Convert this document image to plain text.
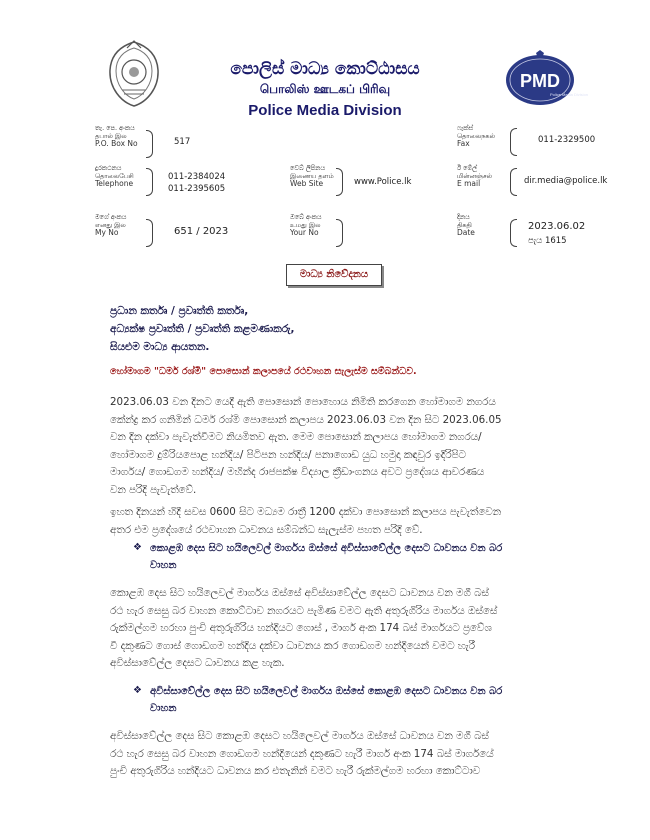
පොලිස් මාධ්‍ය කොට්ඨාසය
பொலிஸ் ஊடகப் பிரிவு
Police Media Division
PMD
Police Media Division
තැ. පෙ. අංකය
தபால் இல
P.O. Box No	517
දුරකථනය
தொலைபேசி
Telephone
011-2384024
011-2395605
මගේ අංකය
எனது இல
My No	651 / 2023
වෙබ් ලිපිනය
இணைய தளம்
Web Site	www.Police.lk
ඔබේ අංකය
உமது இல
Your No
ෆැක්ස්
தொலைநகல்
Fax	011-2329500
ඊ මේල්
மின்னஞ்சல்
E mail	dir.media@police.lk
දිනය
திகதி
Date
2023.06.02
පැය 1615
මාධ්‍ය නිවේදනය
ප්‍රධාන කර්තෘ / ප්‍රවෘත්ති කර්තෘ,
අධ්‍යක්ෂ ප්‍රවෘත්ති / ප්‍රවෘත්ති කළමණාකරු,
සියළුම මාධ්‍ය ආයතන.
හෝමාගම "ධර්ම රශ්මි" පොසොන් කලාපයේ රථවාහන සැලැස්ම සම්බන්ධව.
2023.06.03 වන දිනට යෙදී ඇති පොසොන් පොහොය නිමිති කරගෙන හෝමාගම නගරය
කේන්ද්‍ර කර ගනිමින් ධර්ම රශ්මි පොසොන් කලාපය 2023.06.03 වන දින සිට 2023.06.05
වන දින දක්වා පැවැත්වීමට නියමිතව ඇත. මෙම පොසොන් කලාපය හෝමාගම නගරය/
හෝමාගම දුම්රියපොළ හන්දිය/ පිටිපන හන්දිය/ පනාගොඩ යුධ හමුදා කඳවුර ඉදිරිපිට
මාර්ගය/ ගොඩගම හන්දිය/ මහින්ද රාජපක්ෂ විද්‍යාල ක්‍රීඩාංගනය අවට ප්‍රදේශය ආවරණය
වන පරිදි පැවැත්වේ.
ඉහත දිනයන් හිදී සවස 0600 සිට මධ්‍යම රාත්‍රී 1200 දක්වා පොසොන් කලාපය පැවැත්වෙන
අතර එම ප්‍රදේශයේ රථවාහන ධාවනය සම්බන්ධ සැලැස්ම පහත පරිදි වේ.
❖ කොළඹ දෙස සිට හයිලෙවල් මාර්ගය ඔස්සේ අවිස්සාවේල්ල දෙසට ධාවනය වන බර
වාහන
කොළඹ දෙස සිට හයිලෙවල් මාර්ගය ඔස්සේ අවිස්සාවේල්ල දෙසට ධාවනය වන මගී බස්
රථ හැර සෙසු බර වාහන කොට්ටාව නගරයට පැමිණ වමට ඇති අතුරුගිරිය මාර්ගය ඔස්සේ
රුක්මල්ගම හරහා පුංචි අතුරුගිරිය හන්දියට ගොස් , මාර්ග අංක 174 බස් මාර්ගයට ප්‍රවේශ
වී දකුණට ගොස් ගොඩගම හන්දිය දක්වා ධාවනය කර ගොඩගම හන්දියෙන් වමට හැරී
අවිස්සාවේල්ල දෙසට ධාවනය කළ හැක.
❖ අවිස්සාවේල්ල දෙස සිට හයිලෙවල් මාර්ගය ඔස්සේ කොළඹ දෙසට ධාවනය වන බර
වාහන
අවිස්සාවේල්ල දෙස සිට කොළඹ දෙසට හයිලෙවල් මාර්ගය ඔස්සේ ධාවනය වන මගී බස්
රථ හැර සෙසු බර වාහන ගොඩගම හන්දියෙන් දකුණට හැරී මාර්ග අංක 174 බස් මාර්ගයේ
පුංචි අතුරුගිරිය හන්දියට ධාවනය කර එතැනින් වමට හැරී රුක්මල්ගම හරහා කොට්ටාව
